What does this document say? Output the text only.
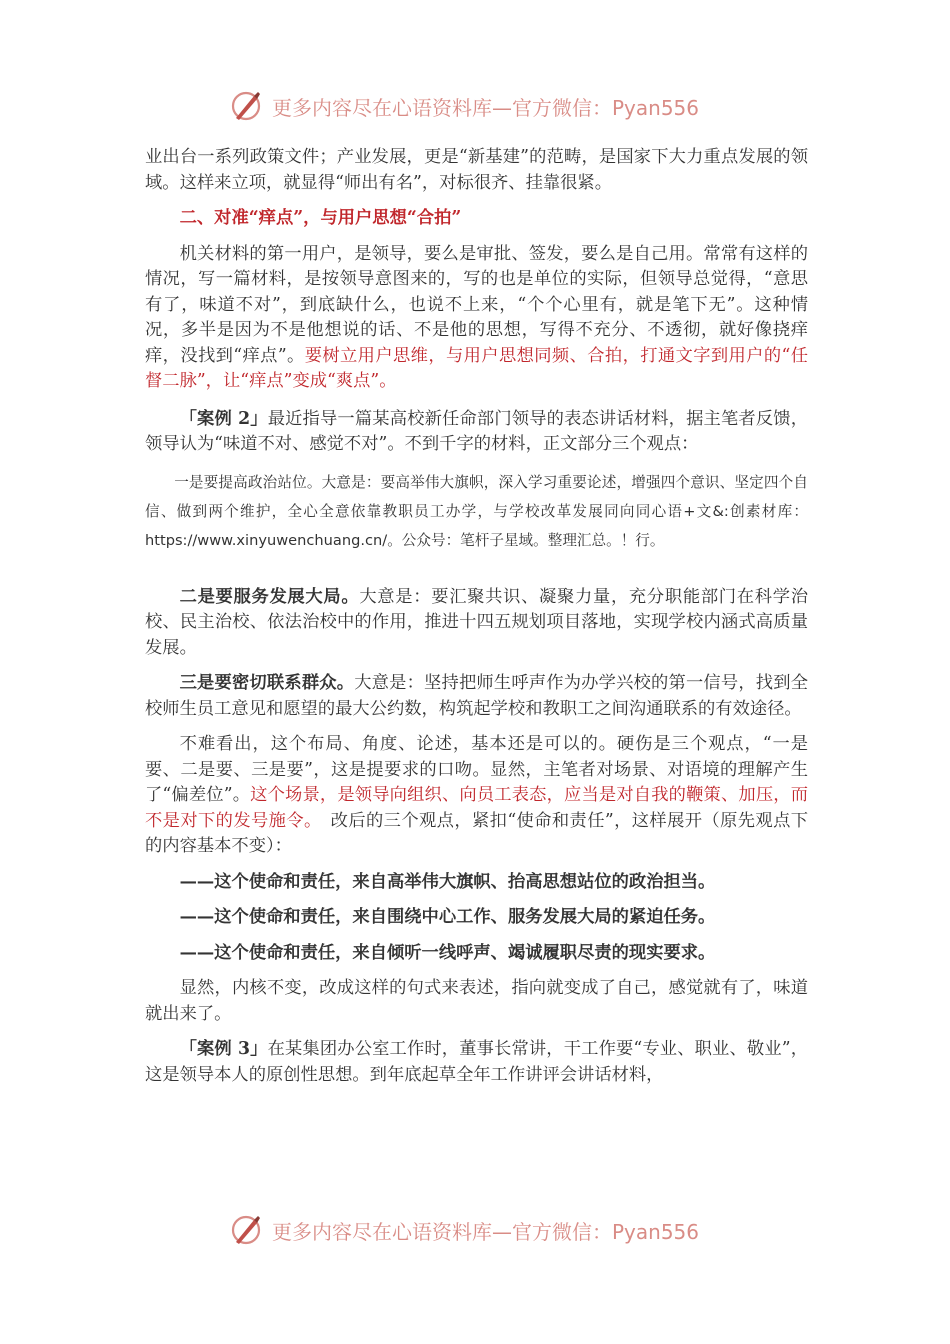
更多内容尽在心语资料库—官方微信：Pyan556

业出台一系列政策文件；产业发展，更是“新基建”的范畴，是国家下大力重点发展的领域。这样来立项，就显得“师出有名”，对标很齐、挂靠很紧。

二、对准“痒点”，与用户思想“合拍”

机关材料的第一用户，是领导，要么是审批、签发，要么是自己用。常常有这样的情况，写一篇材料，是按领导意图来的，写的也是单位的实际，但领导总觉得，“意思有了，味道不对”，到底缺什么，也说不上来，“个个心里有，就是笔下无”。这种情况，多半是因为不是他想说的话、不是他的思想，写得不充分、不透彻，就好像挠痒痒，没找到“痒点”。要树立用户思维，与用户思想同频、合拍，打通文字到用户的“任督二脉”，让“痒点”变成“爽点”。

「案例 2」最近指导一篇某高校新任命部门领导的表态讲话材料，据主笔者反馈，领导认为“味道不对、感觉不对”。不到千字的材料，正文部分三个观点：

一是要提高政治站位。大意是：要高举伟大旗帜，深入学习重要论述，增强四个意识、坚定四个自信、做到两个维护，全心全意依靠教职员工办学，与学校改革发展同向同心语+文&:创素材库：https://www.xinyuwenchuang.cn/。公众号：笔杆子星域。整理汇总。！行。

二是要服务发展大局。大意是：要汇聚共识、凝聚力量，充分职能部门在科学治校、民主治校、依法治校中的作用，推进十四五规划项目落地，实现学校内涵式高质量发展。

三是要密切联系群众。大意是：坚持把师生呼声作为办学兴校的第一信号，找到全校师生员工意见和愿望的最大公约数，构筑起学校和教职工之间沟通联系的有效途径。

不难看出，这个布局、角度、论述，基本还是可以的。硬伤是三个观点，“一是要、二是要、三是要”，这是提要求的口吻。显然，主笔者对场景、对语境的理解产生了“偏差位”。这个场景，是领导向组织、向员工表态，应当是对自我的鞭策、加压，而不是对下的发号施令。　改后的三个观点，紧扣“使命和责任”，这样展开（原先观点下的内容基本不变）：

——这个使命和责任，来自高举伟大旗帜、抬高思想站位的政治担当。

——这个使命和责任，来自围绕中心工作、服务发展大局的紧迫任务。

——这个使命和责任，来自倾听一线呼声、竭诚履职尽责的现实要求。

显然，内核不变，改成这样的句式来表述，指向就变成了自己，感觉就有了，味道就出来了。

「案例 3」在某集团办公室工作时，董事长常讲，干工作要“专业、职业、敬业”，这是领导本人的原创性思想。到年底起草全年工作讲评会讲话材料，

更多内容尽在心语资料库—官方微信：Pyan556
